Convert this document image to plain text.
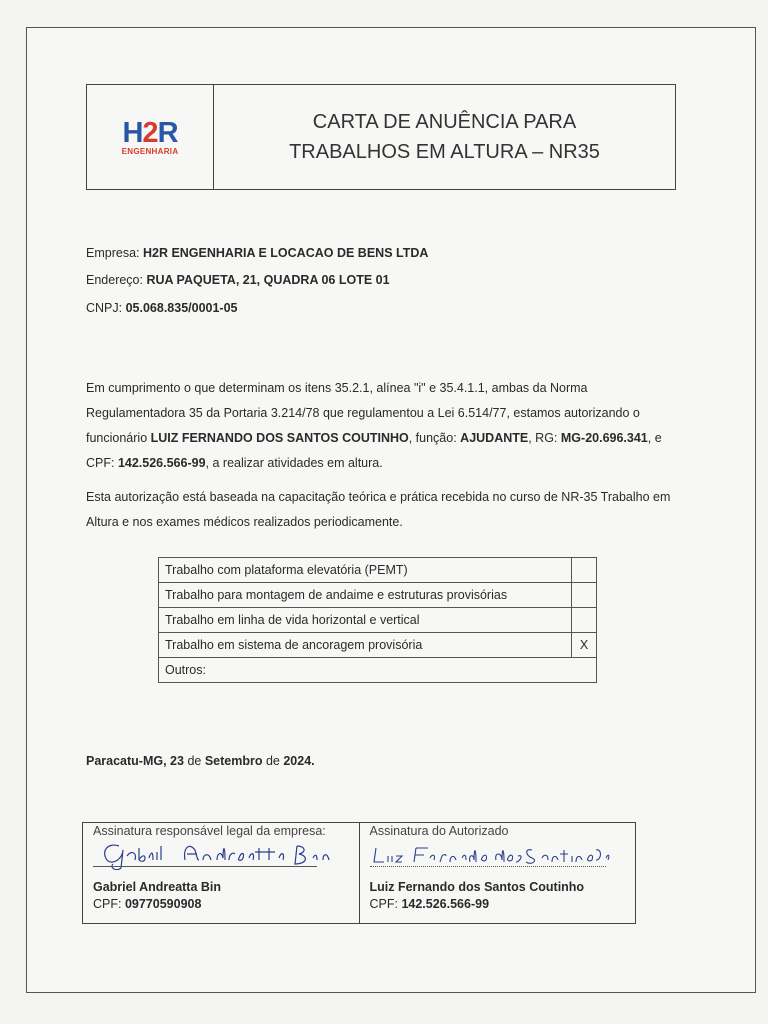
H2R
ENGENHARIA
CARTA DE ANUÊNCIA PARA
TRABALHOS EM ALTURA – NR35
Empresa: H2R ENGENHARIA E LOCACAO DE BENS LTDA
Endereço: RUA PAQUETA, 21, QUADRA 06 LOTE 01
CNPJ: 05.068.835/0001-05
Em cumprimento o que determinam os itens 35.2.1, alínea "i" e 35.4.1.1, ambas da Norma Regulamentadora 35 da Portaria 3.214/78 que regulamentou a Lei 6.514/77, estamos autorizando o funcionário LUIZ FERNANDO DOS SANTOS COUTINHO, função: AJUDANTE, RG: MG-20.696.341, e CPF: 142.526.566-99, a realizar atividades em altura.
Esta autorização está baseada na capacitação teórica e prática recebida no curso de NR-35 Trabalho em Altura e nos exames médicos realizados periodicamente.
Trabalho com plataforma elevatória (PEMT)	
Trabalho para montagem de andaime e estruturas provisórias	
Trabalho em linha de vida horizontal e vertical	
Trabalho em sistema de ancoragem provisória	X
Outros:	
Paracatu-MG, 23 de Setembro de 2024.
Assinatura responsável legal da empresa:
Gabriel Andreatta Bin
CPF: 09770590908
Assinatura do Autorizado
Luiz Fernando dos Santos Coutinho
CPF: 142.526.566-99
